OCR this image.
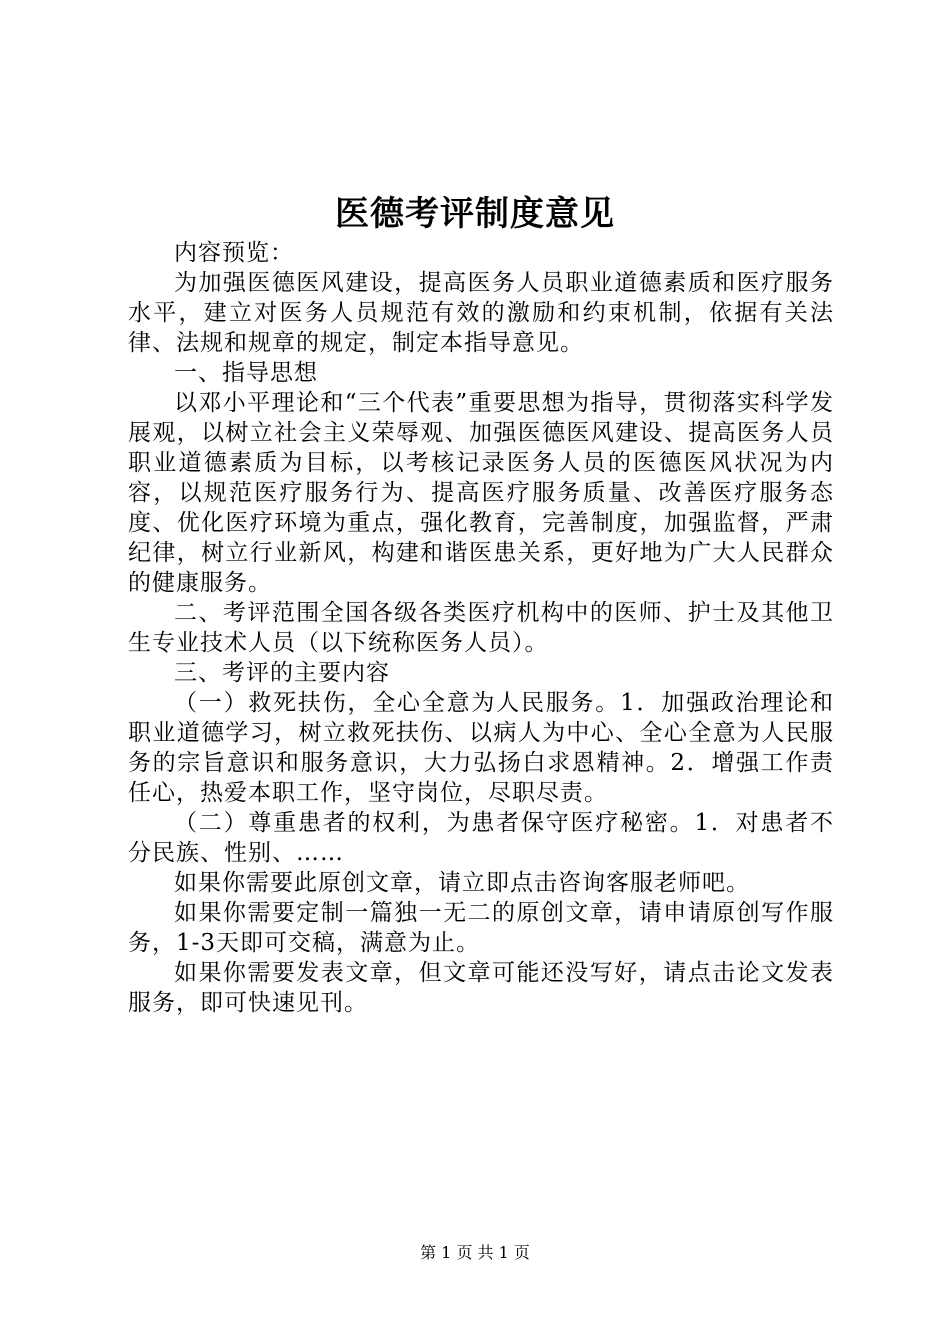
医德考评制度意见

内容预览：

为加强医德医风建设，提高医务人员职业道德素质和医疗服务水平，建立对医务人员规范有效的激励和约束机制，依据有关法律、法规和规章的规定，制定本指导意见。

一、指导思想

以邓小平理论和“三个代表”重要思想为指导，贯彻落实科学发展观，以树立社会主义荣辱观、加强医德医风建设、提高医务人员职业道德素质为目标，以考核记录医务人员的医德医风状况为内容，以规范医疗服务行为、提高医疗服务质量、改善医疗服务态度、优化医疗环境为重点，强化教育，完善制度，加强监督，严肃纪律，树立行业新风，构建和谐医患关系，更好地为广大人民群众的健康服务。

二、考评范围全国各级各类医疗机构中的医师、护士及其他卫生专业技术人员（以下统称医务人员）。

三、考评的主要内容

（一）救死扶伤，全心全意为人民服务。1．加强政治理论和职业道德学习，树立救死扶伤、以病人为中心、全心全意为人民服务的宗旨意识和服务意识，大力弘扬白求恩精神。2．增强工作责任心，热爱本职工作，坚守岗位，尽职尽责。

（二）尊重患者的权利，为患者保守医疗秘密。1．对患者不分民族、性别、……

如果你需要此原创文章，请立即点击咨询客服老师吧。

如果你需要定制一篇独一无二的原创文章，请申请原创写作服务，1-3天即可交稿，满意为止。

如果你需要发表文章，但文章可能还没写好，请点击论文发表服务，即可快速见刊。

第 1 页 共 1 页
